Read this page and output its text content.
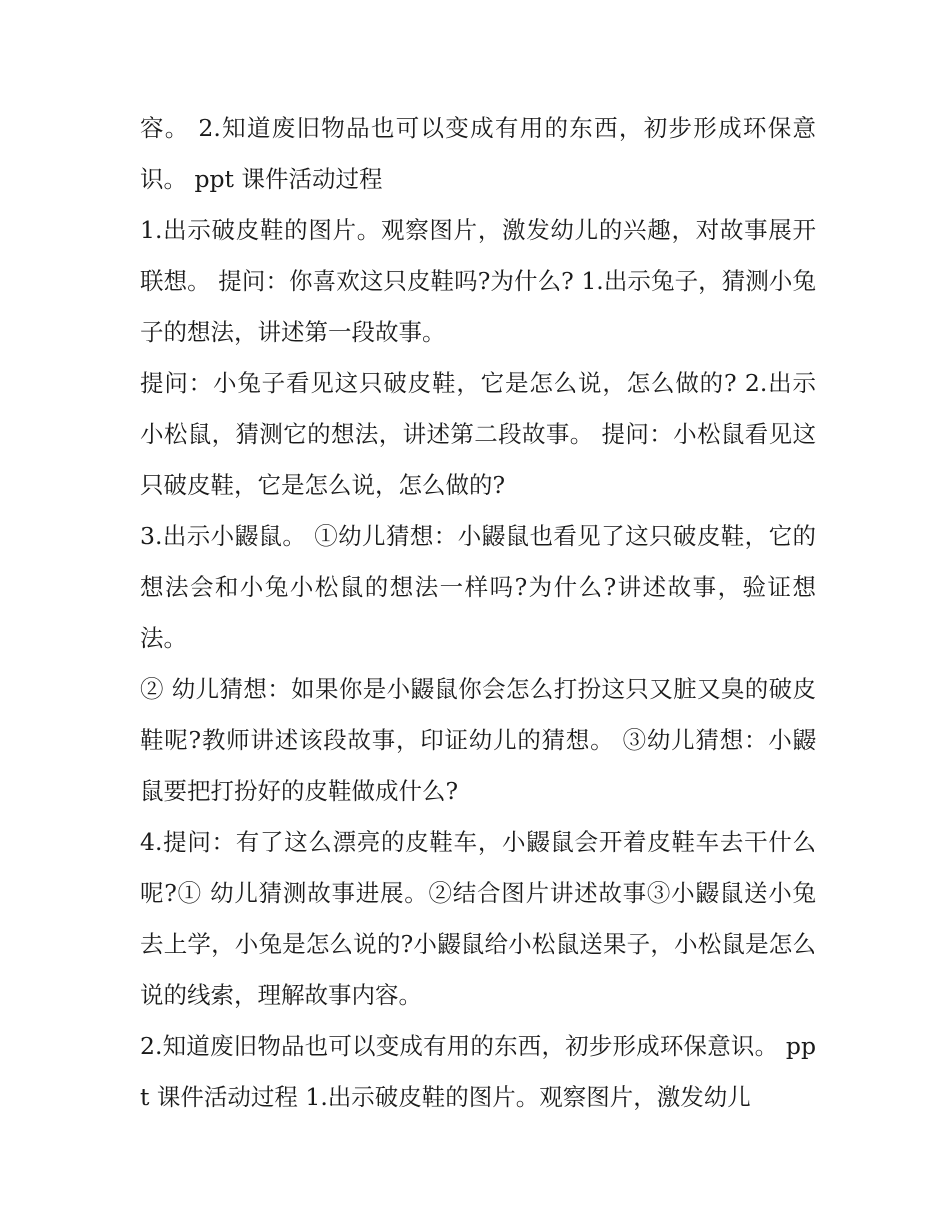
容。 2.知道废旧物品也可以变成有用的东西，初步形成环保意识。 ppt 课件活动过程

1.出示破皮鞋的图片。观察图片，激发幼儿的兴趣，对故事展开联想。 提问：你喜欢这只皮鞋吗?为什么? 1.出示兔子，猜测小兔子的想法，讲述第一段故事。

提问：小兔子看见这只破皮鞋，它是怎么说，怎么做的? 2.出示小松鼠，猜测它的想法，讲述第二段故事。 提问：小松鼠看见这只破皮鞋，它是怎么说，怎么做的?

3.出示小鼹鼠。 ①幼儿猜想：小鼹鼠也看见了这只破皮鞋，它的想法会和小兔小松鼠的想法一样吗?为什么?讲述故事，验证想法。

② 幼儿猜想：如果你是小鼹鼠你会怎么打扮这只又脏又臭的破皮鞋呢?教师讲述该段故事，印证幼儿的猜想。 ③幼儿猜想：小鼹鼠要把打扮好的皮鞋做成什么?

4.提问：有了这么漂亮的皮鞋车，小鼹鼠会开着皮鞋车去干什么呢?① 幼儿猜测故事进展。②结合图片讲述故事③小鼹鼠送小兔去上学，小兔是怎么说的?小鼹鼠给小松鼠送果子，小松鼠是怎么说的线索，理解故事内容。

2.知道废旧物品也可以变成有用的东西，初步形成环保意识。 ppt 课件活动过程 1.出示破皮鞋的图片。观察图片，激发幼儿
